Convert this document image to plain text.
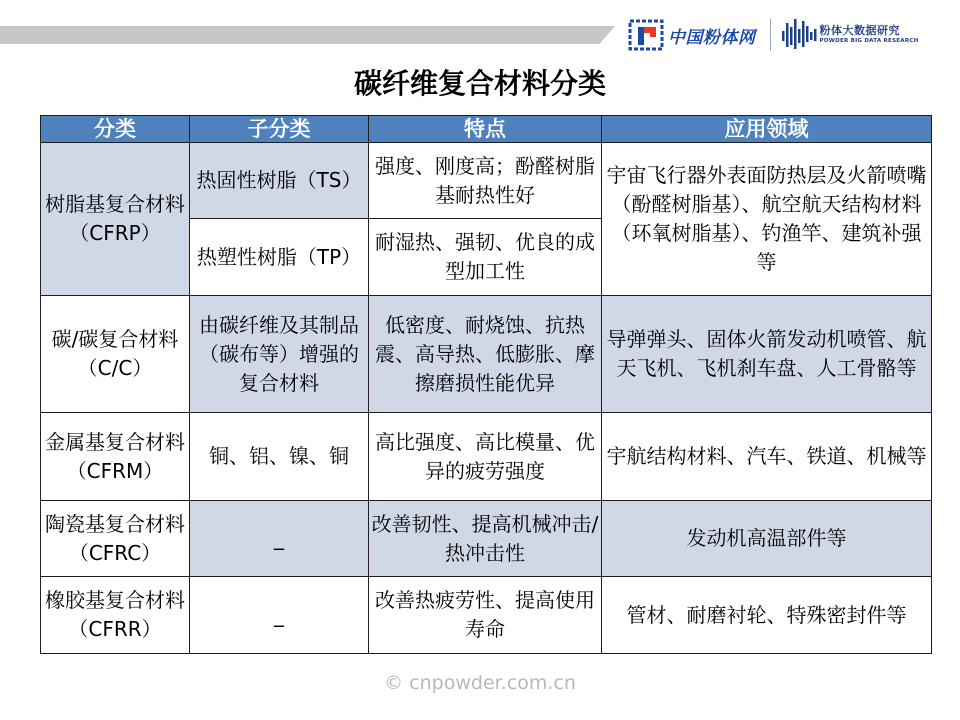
中国粉体网	粉体大数据研究
POWDER BIG DATA RESEARCH
碳纤维复合材料分类
分类	子分类	特点	应用领域
树脂基复合材料（CFRP）	热固性树脂（TS）	强度、刚度高；酚醛树脂基耐热性好	宇宙飞行器外表面防热层及火箭喷嘴（酚醛树脂基）、航空航天结构材料（环氧树脂基）、钓渔竿、建筑补强等
	热塑性树脂（TP）	耐湿热、强韧、优良的成型加工性	
碳/碳复合材料（C/C）	由碳纤维及其制品（碳布等）增强的复合材料	低密度、耐烧蚀、抗热震、高导热、低膨胀、摩擦磨损性能优异	导弹弹头、固体火箭发动机喷管、航天飞机、飞机刹车盘、人工骨骼等
金属基复合材料（CFRM）	铜、铝、镍、铜	高比强度、高比模量、优异的疲劳强度	宇航结构材料、汽车、铁道、机械等
陶瓷基复合材料（CFRC）	_	改善韧性、提高机械冲击/热冲击性	发动机高温部件等
橡胶基复合材料（CFRR）	_	改善热疲劳性、提高使用寿命	管材、耐磨衬轮、特殊密封件等
© cnpowder.com.cn
